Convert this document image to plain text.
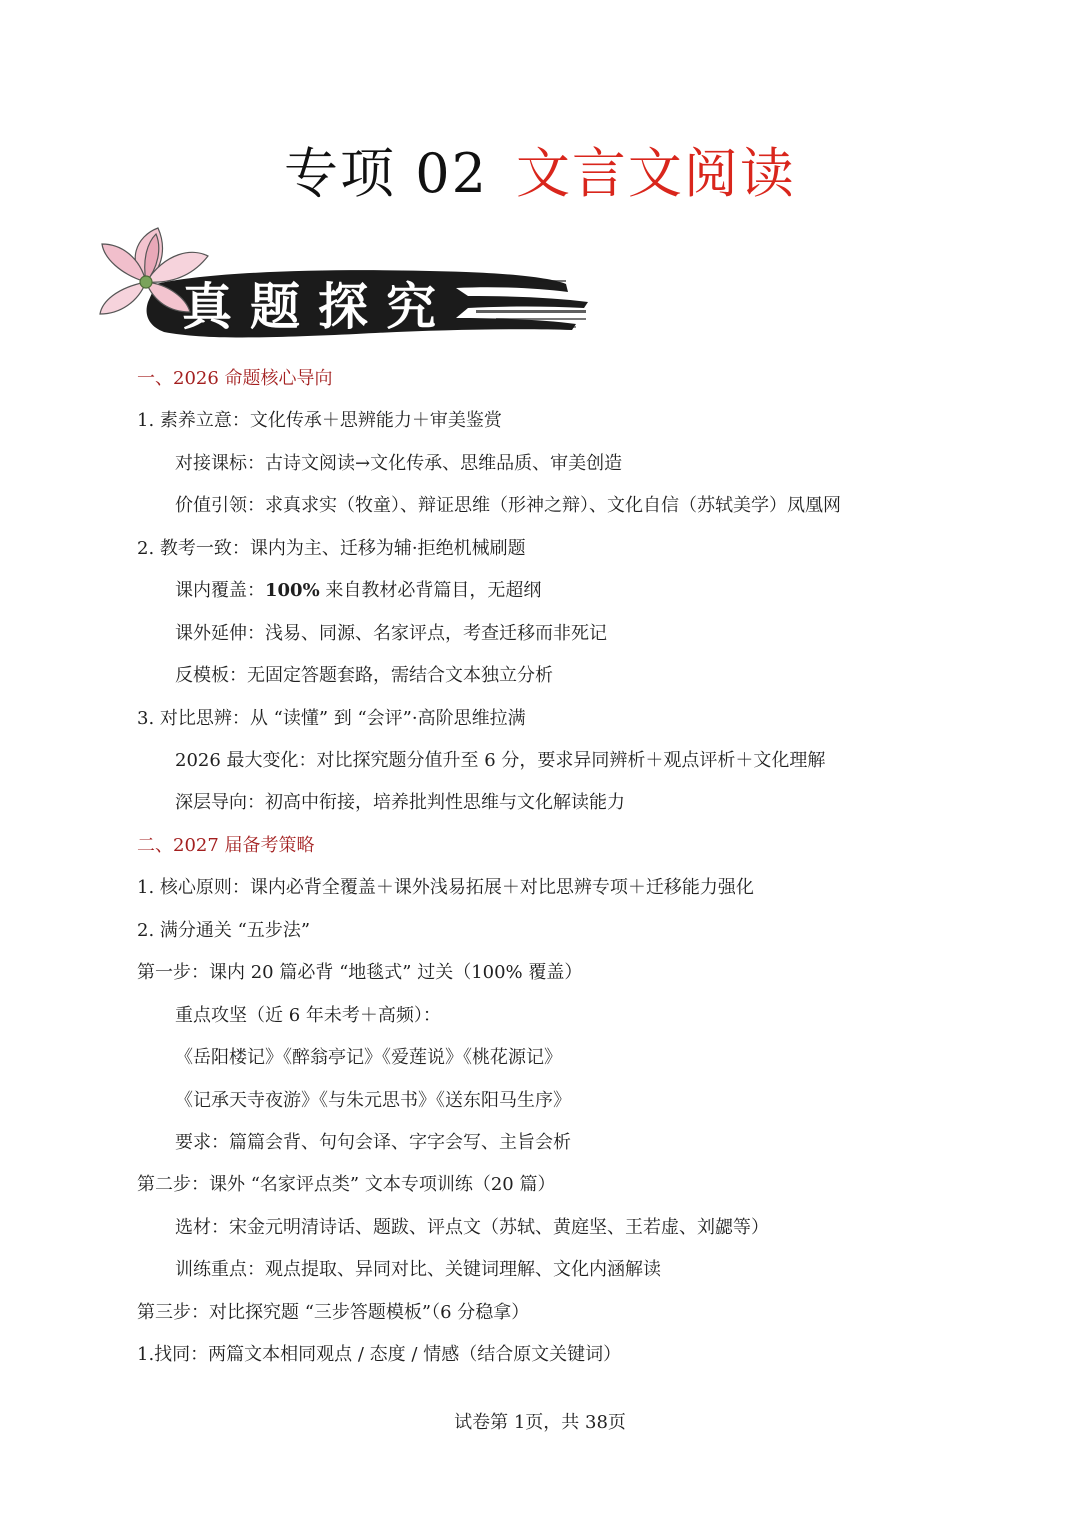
专项 02 文言文阅读
真题探究
一、2026 命题核心导向
1. 素养立意：文化传承＋思辨能力＋审美鉴赏
对接课标：古诗文阅读→文化传承、思维品质、审美创造
价值引领：求真求实（牧童）、辩证思维（形神之辩）、文化自信（苏轼美学）凤凰网
2. 教考一致：课内为主、迁移为辅·拒绝机械刷题
课内覆盖：100% 来自教材必背篇目，无超纲
课外延伸：浅易、同源、名家评点，考查迁移而非死记
反模板：无固定答题套路，需结合文本独立分析
3. 对比思辨：从 “读懂” 到 “会评”·高阶思维拉满
2026 最大变化：对比探究题分值升至 6 分，要求异同辨析＋观点评析＋文化理解
深层导向：初高中衔接，培养批判性思维与文化解读能力
二、2027 届备考策略
1. 核心原则：课内必背全覆盖＋课外浅易拓展＋对比思辨专项＋迁移能力强化
2. 满分通关 “五步法”
第一步：课内 20 篇必背 “地毯式” 过关（100% 覆盖）
重点攻坚（近 6 年未考＋高频）：
《岳阳楼记》《醉翁亭记》《爱莲说》《桃花源记》
《记承天寺夜游》《与朱元思书》《送东阳马生序》
要求：篇篇会背、句句会译、字字会写、主旨会析
第二步：课外 “名家评点类” 文本专项训练（20 篇）
选材：宋金元明清诗话、题跋、评点文（苏轼、黄庭坚、王若虚、刘勰等）
训练重点：观点提取、异同对比、关键词理解、文化内涵解读
第三步：对比探究题 “三步答题模板”（6 分稳拿）
1.找同：两篇文本相同观点 / 态度 / 情感（结合原文关键词）
试卷第 1页，共 38页
